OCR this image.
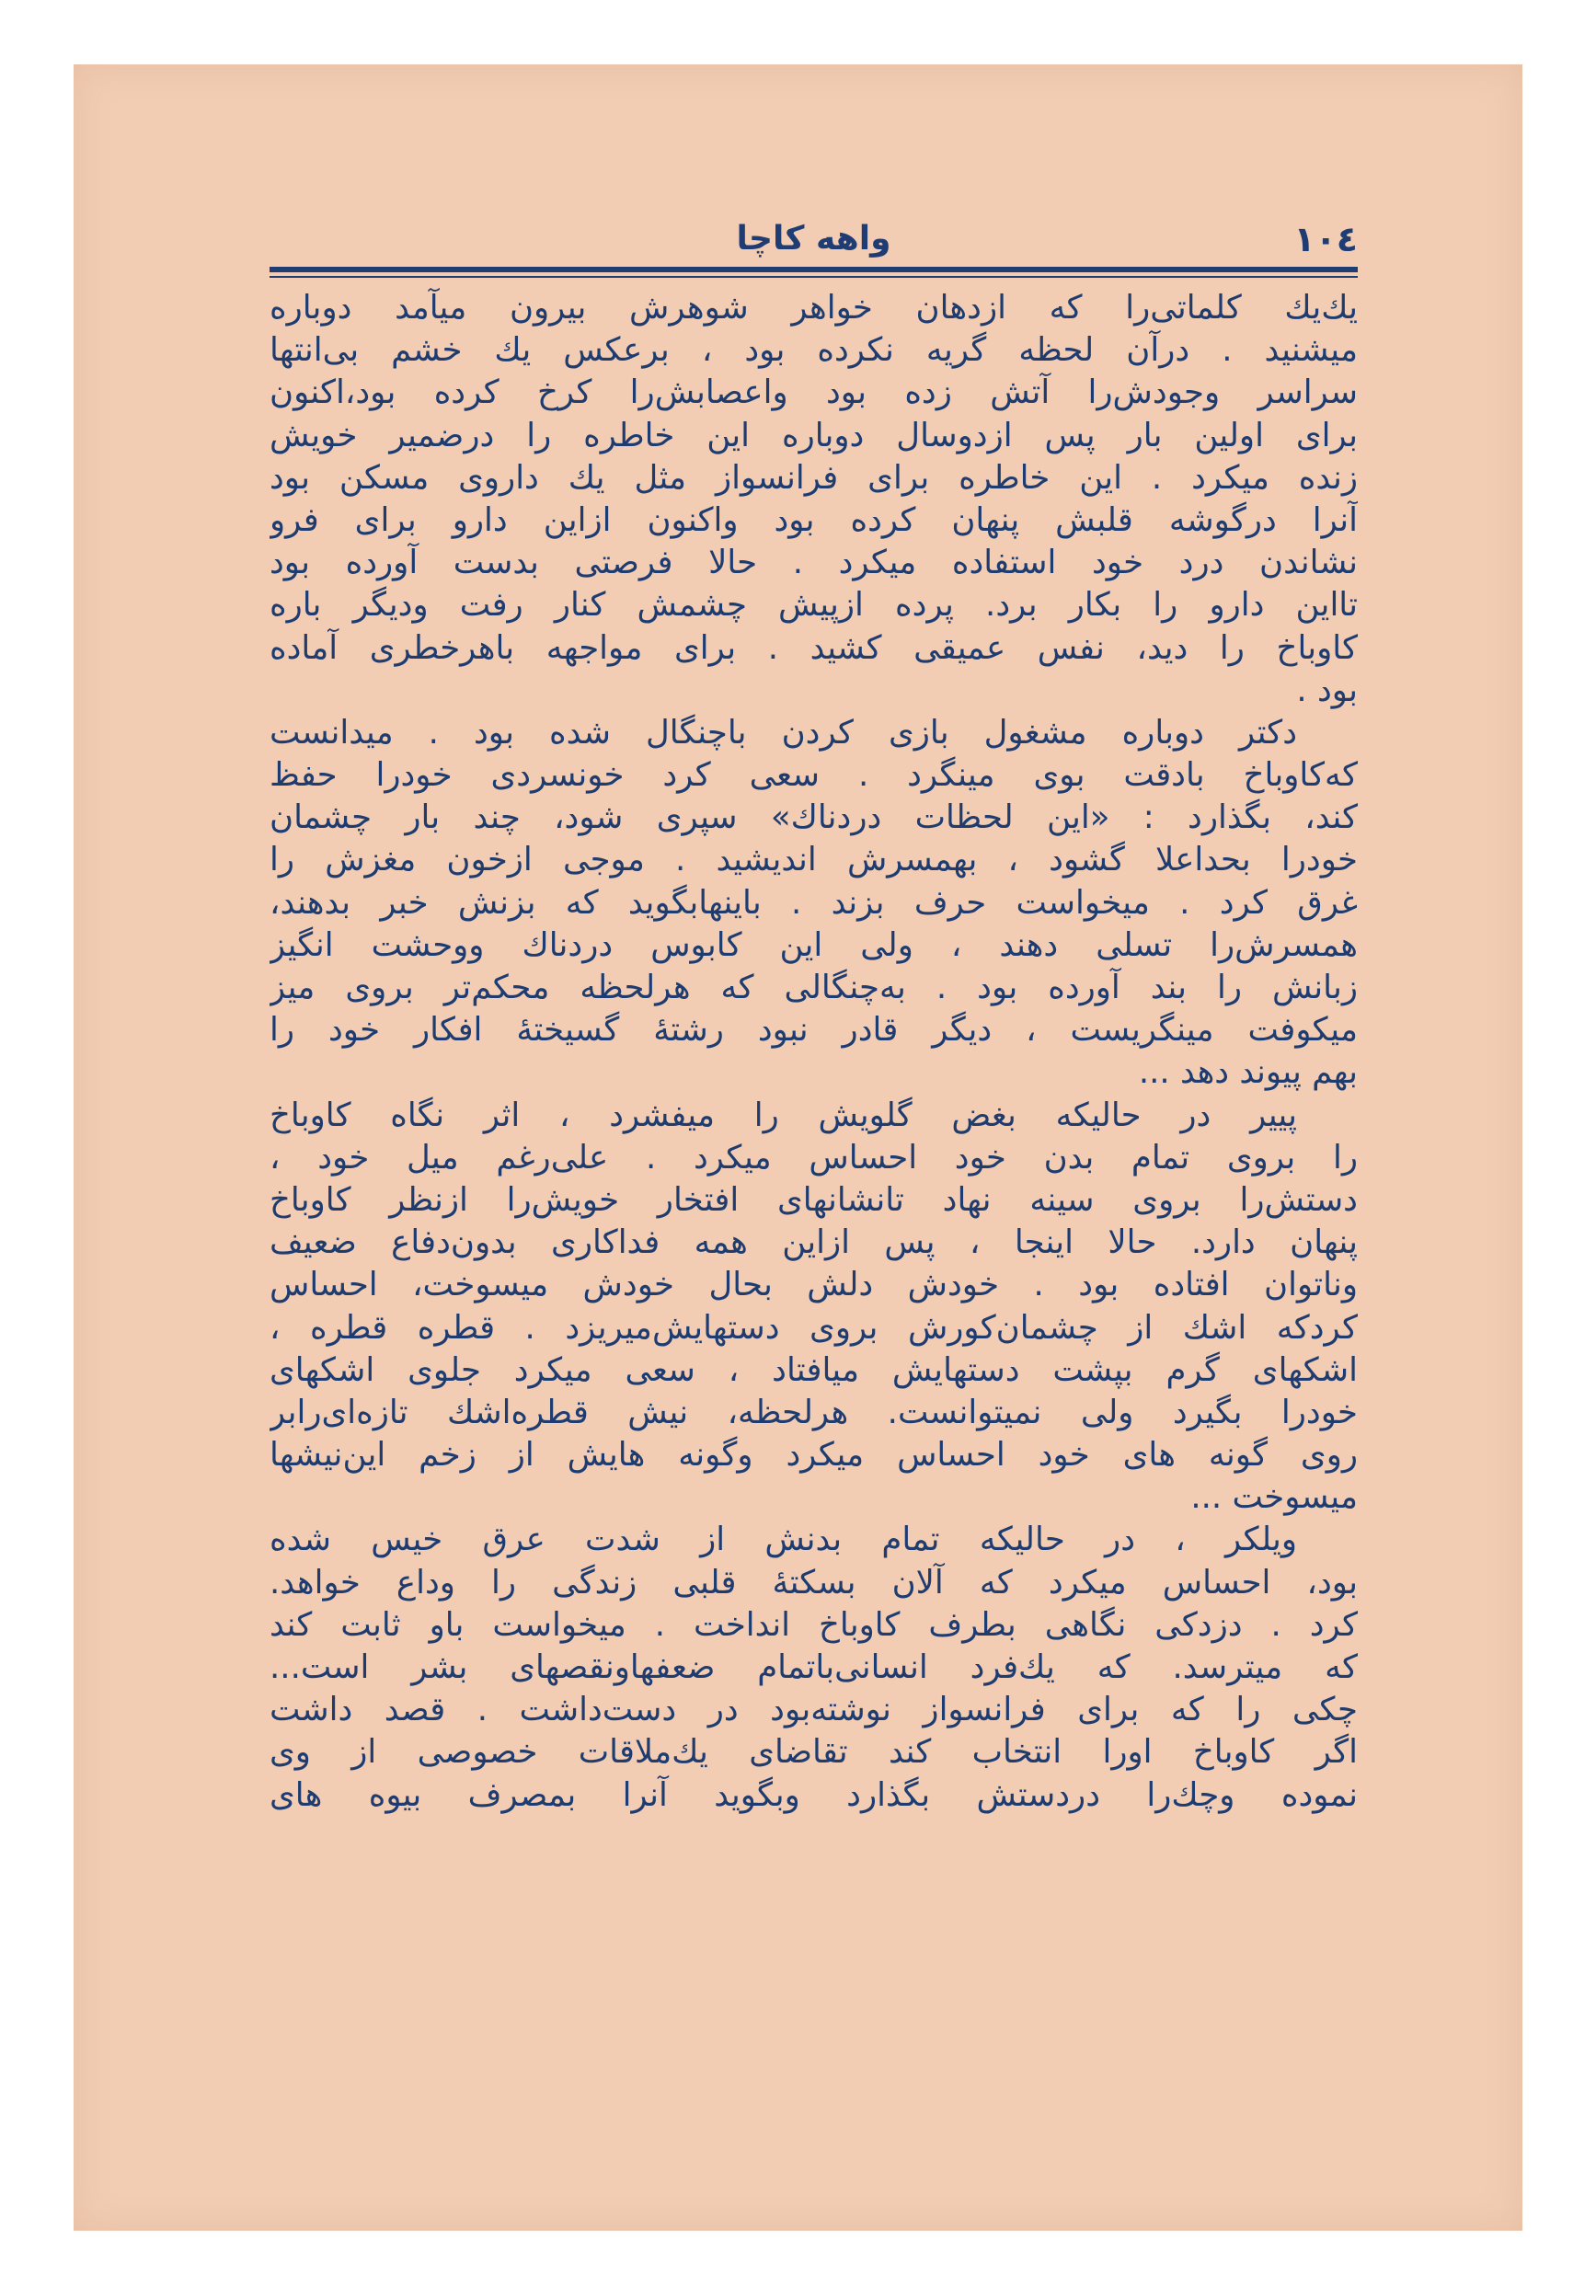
۱۰٤
واهه کاچا
یك‌یك كلماتی‌را كه ازدهان خواهر شوهرش بیرون میآمد دوباره
میشنید . درآن لحظه گریه نكرده بود ، برعكس یك خشم بی‌انتها
سراسر وجودش‌را آتش زده بود واعصابش‌را كرخ كرده بود،اكنون
برای اولین بار پس ازدوسال دوباره این خاطره را درضمیر خویش
زنده میكرد . این خاطره برای فرانسواز مثل یك داروی مسكن بود
آنرا درگوشه قلبش پنهان كرده بود واكنون ازاین دارو برای فرو
نشاندن درد خود استفاده میكرد . حالا فرصتی بدست آورده بود
تااین دارو را بكار برد. پرده ازپیش چشمش كنار رفت ودیگر باره
كاوباخ را دید، نفس عمیقی كشید . برای مواجهه باهرخطری آماده
بود .
دكتر دوباره مشغول بازی كردن باچنگال شده بود . میدانست
كه‌كاوباخ بادقت بوی مینگرد . سعی كرد خونسردی خودرا حفظ
كند، بگذارد : «این لحظات دردناك» سپری شود، چند بار چشمان
خودرا بحداعلا گشود ، بهمسرش اندیشید . موجی ازخون مغزش را
غرق كرد . میخواست حرف بزند . باینهابگوید كه بزنش خبر بدهند،
همسرش‌را تسلی دهند ، ولی این كابوس دردناك ووحشت انگیز
زبانش را بند آورده بود . به‌چنگالی كه هرلحظه محكم‌تر بروی میز
میكوفت مینگریست ، دیگر قادر نبود رشتهٔ گسیختهٔ افكار خود را
بهم پیوند دهد ...
پییر در حالیكه بغض گلویش را میفشرد ، اثر نگاه كاوباخ
را بروی تمام بدن خود احساس میكرد . علی‌رغم میل خود ،
دستش‌را بروی سینه نهاد تانشانهای افتخار خویش‌را ازنظر كاوباخ
پنهان دارد. حالا اینجا ، پس ازاین همه فداكاری بدون‌دفاع ضعیف
وناتوان افتاده بود . خودش دلش بحال خودش میسوخت، احساس
كردكه اشك از چشمان‌كورش بروی دستهایش‌میریزد . قطره قطره ،
اشكهای گرم بپشت دستهایش میافتاد ، سعی میكرد جلوی اشكهای
خودرا بگیرد ولی نمیتوانست. هرلحظه، نیش قطره‌اشك تازه‌ای‌رابر
روی گونه های خود احساس میكرد وگونه هایش از زخم این‌نیشها
میسوخت ...
ویلكر ، در حالیكه تمام بدنش از شدت عرق خیس شده
بود، احساس میكرد كه آلان بسكتهٔ قلبی زندگی را وداع خواهد.
كرد . دزدكی نگاهی بطرف كاوباخ انداخت . میخواست باو ثابت كند
كه میترسد. كه یك‌فرد انسانی‌باتمام ضعفهاونقصهای بشر است...
چكی را كه برای فرانسواز نوشته‌بود در دست‌داشت . قصد داشت
اگر كاوباخ اورا انتخاب كند تقاضای یك‌ملاقات خصوصی از وی
نموده وچك‌را دردستش بگذارد وبگوید آنرا بمصرف بیوه های
